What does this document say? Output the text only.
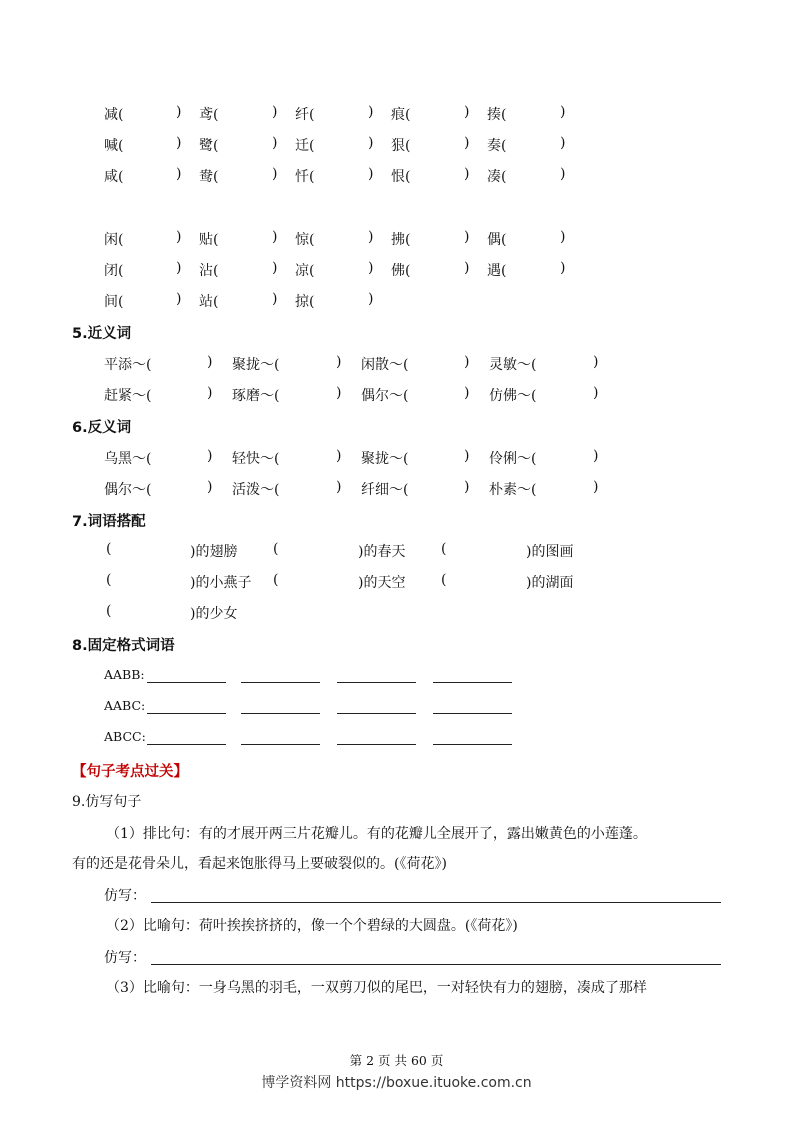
减(	) 鸢(	) 纤(	) 痕(	) 揍(	)
喊(	) 鹭(	) 迁(	) 狠(	) 奏(	)
咸(	) 鸯(	) 忏(	) 恨(	) 凑(	)
闲(	) 贴(	) 惊(	) 拂(	) 偶(	)
闭(	) 沾(	) 凉(	) 佛(	) 遇(	)
间(	) 站(	) 掠(	)
5.近义词
平添～(	) 聚拢～(	) 闲散～(	) 灵敏～(	)
赶紧～(	) 琢磨～(	) 偶尔～(	) 仿佛～(	)
6.反义词
乌黑～(	) 轻快～(	) 聚拢～(	) 伶俐～(	)
偶尔～(	) 活泼～(	) 纤细～(	) 朴素～(	)
7.词语搭配
(	)的翅膀	(	)的春天	(	)的图画
(	)的小燕子 (	)的天空	(	)的湖面
(	)的少女
8.固定格式词语
AABB:
AABC:
ABCC:
【句子考点过关】
9.仿写句子
（1）排比句：有的才展开两三片花瓣儿。有的花瓣儿全展开了，露出嫩黄色的小莲蓬。
有的还是花骨朵儿，看起来饱胀得马上要破裂似的。(《荷花》)
仿写：
（2）比喻句：荷叶挨挨挤挤的，像一个个碧绿的大圆盘。(《荷花》)
仿写：
（3）比喻句：一身乌黑的羽毛，一双剪刀似的尾巴，一对轻快有力的翅膀，凑成了那样
第 2 页 共 60 页
博学资料网 https://boxue.ituoke.com.cn
